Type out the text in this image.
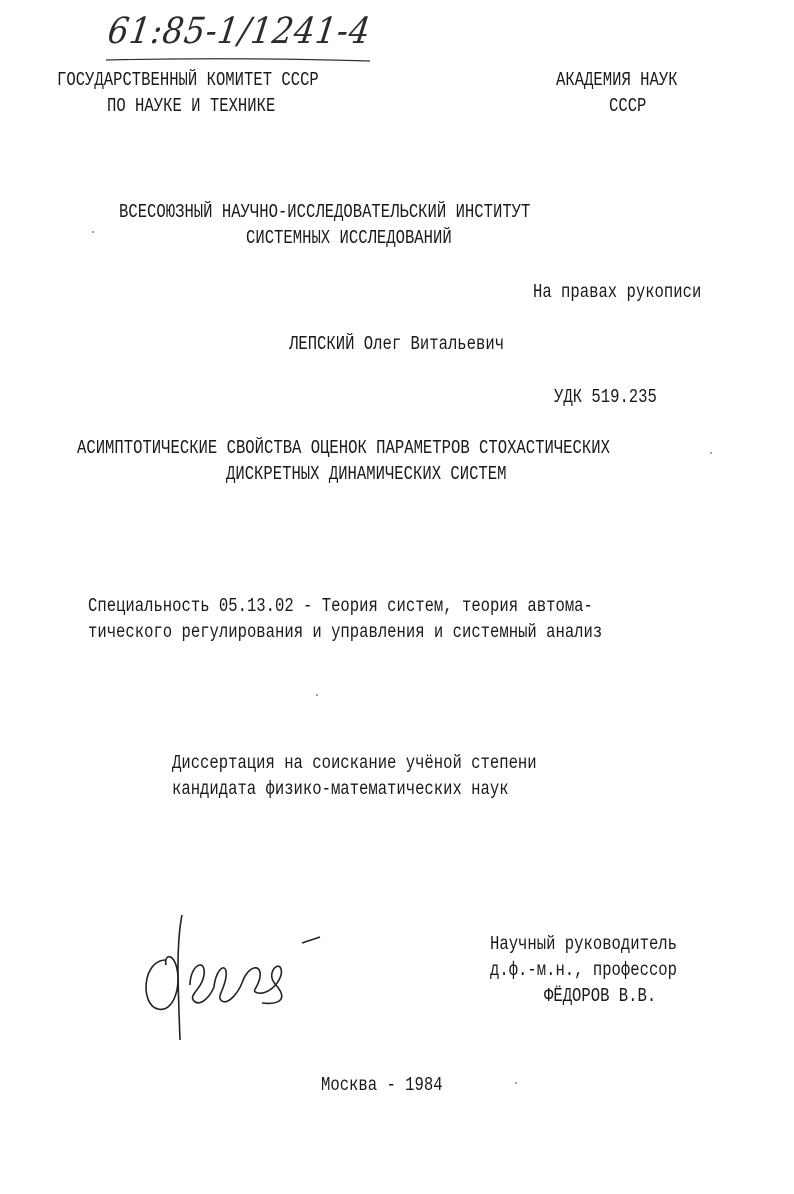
61:85-1/1241-4
ГОСУДАРСТВЕННЫЙ КОМИТЕТ СССР
ПО НАУКЕ И ТЕХНИКЕ
АКАДЕМИЯ НАУК
СССР
ВСЕСОЮЗНЫЙ НАУЧНО-ИССЛЕДОВАТЕЛЬСКИЙ ИНСТИТУТ
СИСТЕМНЫХ ИССЛЕДОВАНИЙ
На правах рукописи
ЛЕПСКИЙ Олег Витальевич
УДК 519.235
АСИМПТОТИЧЕСКИЕ СВОЙСТВА ОЦЕНОК ПАРАМЕТРОВ СТОХАСТИЧЕСКИХ
ДИСКРЕТНЫХ ДИНАМИЧЕСКИХ СИСТЕМ
Специальность 05.13.02 - Теория систем, теория автома-
тического регулирования и управления и системный анализ
Диссертация на соискание учёной степени
кандидата физико-математических наук
Научный руководитель
д.ф.-м.н., профессор
ФЁДОРОВ В.В.
Москва - 1984
